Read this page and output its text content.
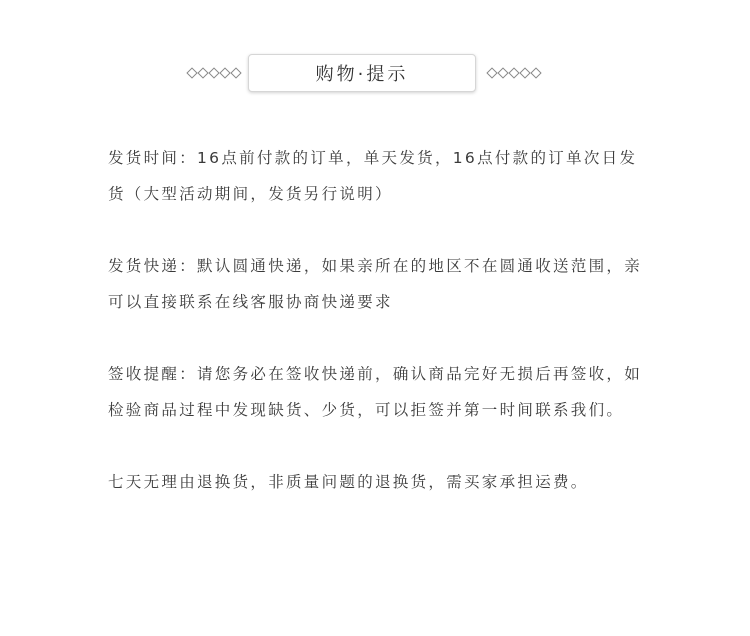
购物·提示

发货时间：16点前付款的订单，单天发货，16点付款的订单次日发货（大型活动期间，发货另行说明）

发货快递：默认圆通快递，如果亲所在的地区不在圆通收送范围，亲可以直接联系在线客服协商快递要求

签收提醒：请您务必在签收快递前，确认商品完好无损后再签收，如检验商品过程中发现缺货、少货，可以拒签并第一时间联系我们。

七天无理由退换货，非质量问题的退换货，需买家承担运费。
